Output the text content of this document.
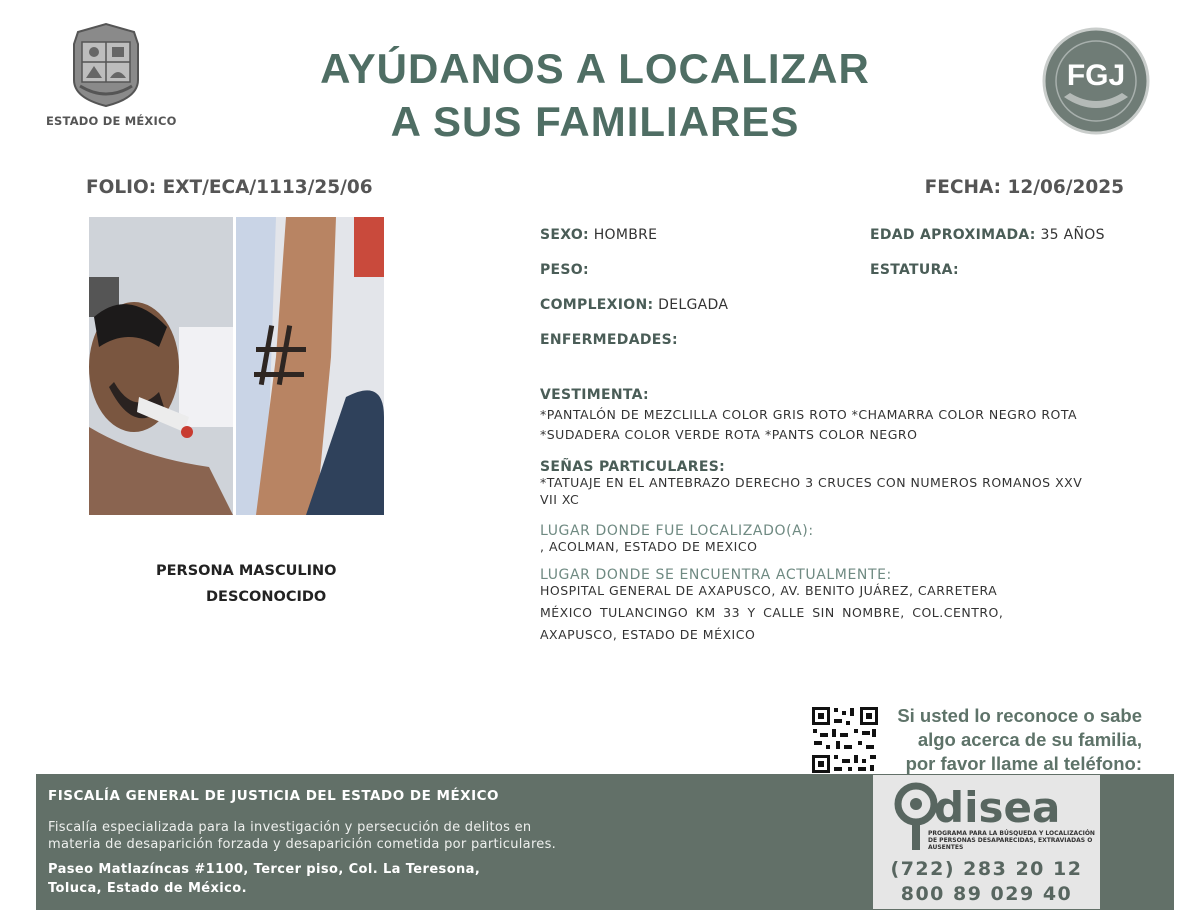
ESTADO DE MÉXICO
AYÚDANOS A LOCALIZAR
A SUS FAMILIARES
FGJ
FOLIO: EXT/ECA/1113/25/06	FECHA: 12/06/2025
PERSONA MASCULINO
DESCONOCIDO
SEXO: HOMBRE	EDAD APROXIMADA: 35 AÑOS
PESO:	ESTATURA:
COMPLEXION: DELGADA
ENFERMEDADES:
VESTIMENTA:
*PANTALÓN DE MEZCLILLA COLOR GRIS ROTO *CHAMARRA COLOR NEGRO ROTA
*SUDADERA COLOR VERDE ROTA *PANTS COLOR NEGRO
SEÑAS PARTICULARES:
*TATUAJE EN EL ANTEBRAZO DERECHO 3 CRUCES CON NUMEROS ROMANOS XXV
VII XC
LUGAR DONDE FUE LOCALIZADO(A):
, ACOLMAN, ESTADO DE MEXICO
LUGAR DONDE SE ENCUENTRA ACTUALMENTE:
HOSPITAL GENERAL DE AXAPUSCO, AV. BENITO JUÁREZ, CARRETERA
MÉXICO TULANCINGO KM 33 Y CALLE SIN NOMBRE, COL.CENTRO,
AXAPUSCO, ESTADO DE MÉXICO
Si usted lo reconoce o sabe
algo acerca de su familia,
por favor llame al teléfono:
FISCALÍA GENERAL DE JUSTICIA DEL ESTADO DE MÉXICO
Fiscalía especializada para la investigación y persecución de delitos en
materia de desaparición forzada y desaparición cometida por particulares.
Paseo Matlazíncas #1100, Tercer piso, Col. La Teresona,
Toluca, Estado de México.
disea
PROGRAMA PARA LA BÚSQUEDA Y LOCALIZACIÓN
DE PERSONAS DESAPARECIDAS, EXTRAVIADAS O
AUSENTES
(722) 283 20 12
800 89 029 40
